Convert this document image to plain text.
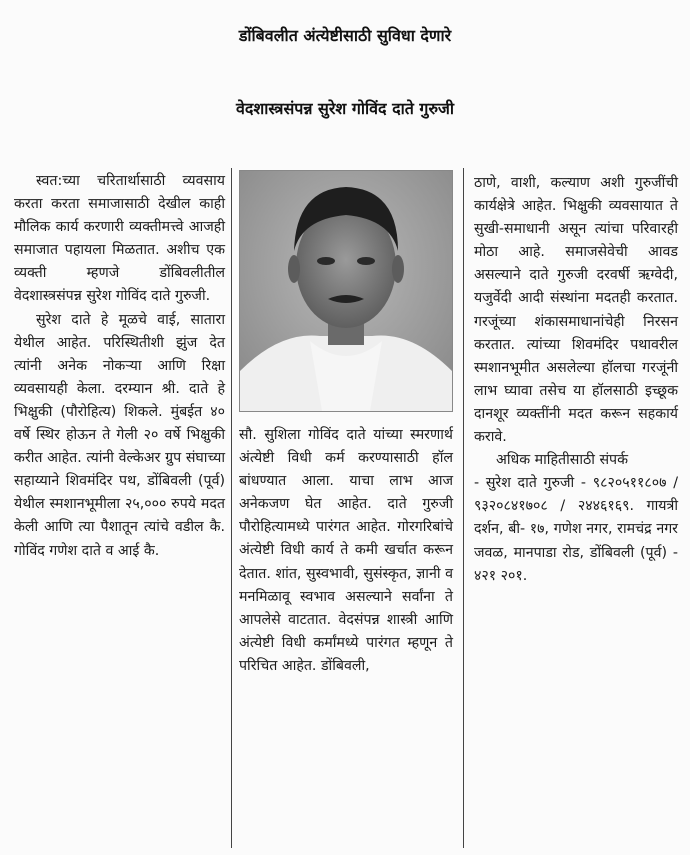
डोंबिवलीत अंत्येष्टीसाठी सुविधा देणारे
वेदशास्त्रसंपन्न सुरेश गोविंद दाते गुरुजी

स्वत:च्या चरितार्थासाठी व्यवसाय करता करता समाजासाठी देखील काही मौलिक कार्य करणारी व्यक्तीमत्त्वे आजही समाजात पहायला मिळतात. अशीच एक व्यक्ती म्हणजे डोंबिवलीतील वेदशास्त्रसंपन्न सुरेश गोविंद दाते गुरुजी.

सुरेश दाते हे मूळचे वाई, सातारा येथील आहेत. परिस्थितीशी झुंज देत त्यांनी अनेक नोकऱ्या आणि रिक्षा व्यवसायही केला. दरम्यान श्री. दाते हे भिक्षुकी (पौरोहित्य) शिकले. मुंबईत ४० वर्षे स्थिर होऊन ते गेली २० वर्षे भिक्षुकी करीत आहेत. त्यांनी वेल्केअर ग्रुप संघाच्या सहाय्याने शिवमंदिर पथ, डोंबिवली (पूर्व) येथील स्मशानभूमीला २५,००० रुपये मदत केली आणि त्या पैशातून त्यांचे वडील कै. गोविंद गणेश दाते व आई कै.

सौ. सुशिला गोविंद दाते यांच्या स्मरणार्थ अंत्येष्टी विधी कर्म करण्यासाठी हॉल बांधण्यात आला. याचा लाभ आज अनेकजण घेत आहेत. दाते गुरुजी पौरोहित्यामध्ये पारंगत आहेत. गोरगरिबांचे अंत्येष्टी विधी कार्य ते कमी खर्चात करून देतात. शांत, सुस्वभावी, सुसंस्कृत, ज्ञानी व मनमिळावू स्वभाव असल्याने सर्वांना ते आपलेसे वाटतात. वेदसंपन्न शास्त्री आणि अंत्येष्टी विधी कर्मांमध्ये पारंगत म्हणून ते परिचित आहेत. डोंबिवली,

ठाणे, वाशी, कल्याण अशी गुरुजींची कार्यक्षेत्रे आहेत. भिक्षुकी व्यवसायात ते सुखी-समाधानी असून त्यांचा परिवारही मोठा आहे. समाजसेवेची आवड असल्याने दाते गुरुजी दरवर्षी ऋग्वेदी, यजुर्वेदी आदी संस्थांना मदतही करतात. गरजूंच्या शंकासमाधानांचेही निरसन करतात. त्यांच्या शिवमंदिर पथावरील स्मशानभूमीत असलेल्या हॉलचा गरजूंनी लाभ घ्यावा तसेच या हॉलसाठी इच्छूक दानशूर व्यक्तींनी मदत करून सहकार्य करावे.

अधिक माहितीसाठी संपर्क

- सुरेश दाते गुरुजी - ९८२०५११८०७ / ९३२०८४१७०८ / २४४६१६९. गायत्री दर्शन, बी- १७, गणेश नगर, रामचंद्र नगर जवळ, मानपाडा रोड, डोंबिवली (पूर्व) - ४२१ २०१.
